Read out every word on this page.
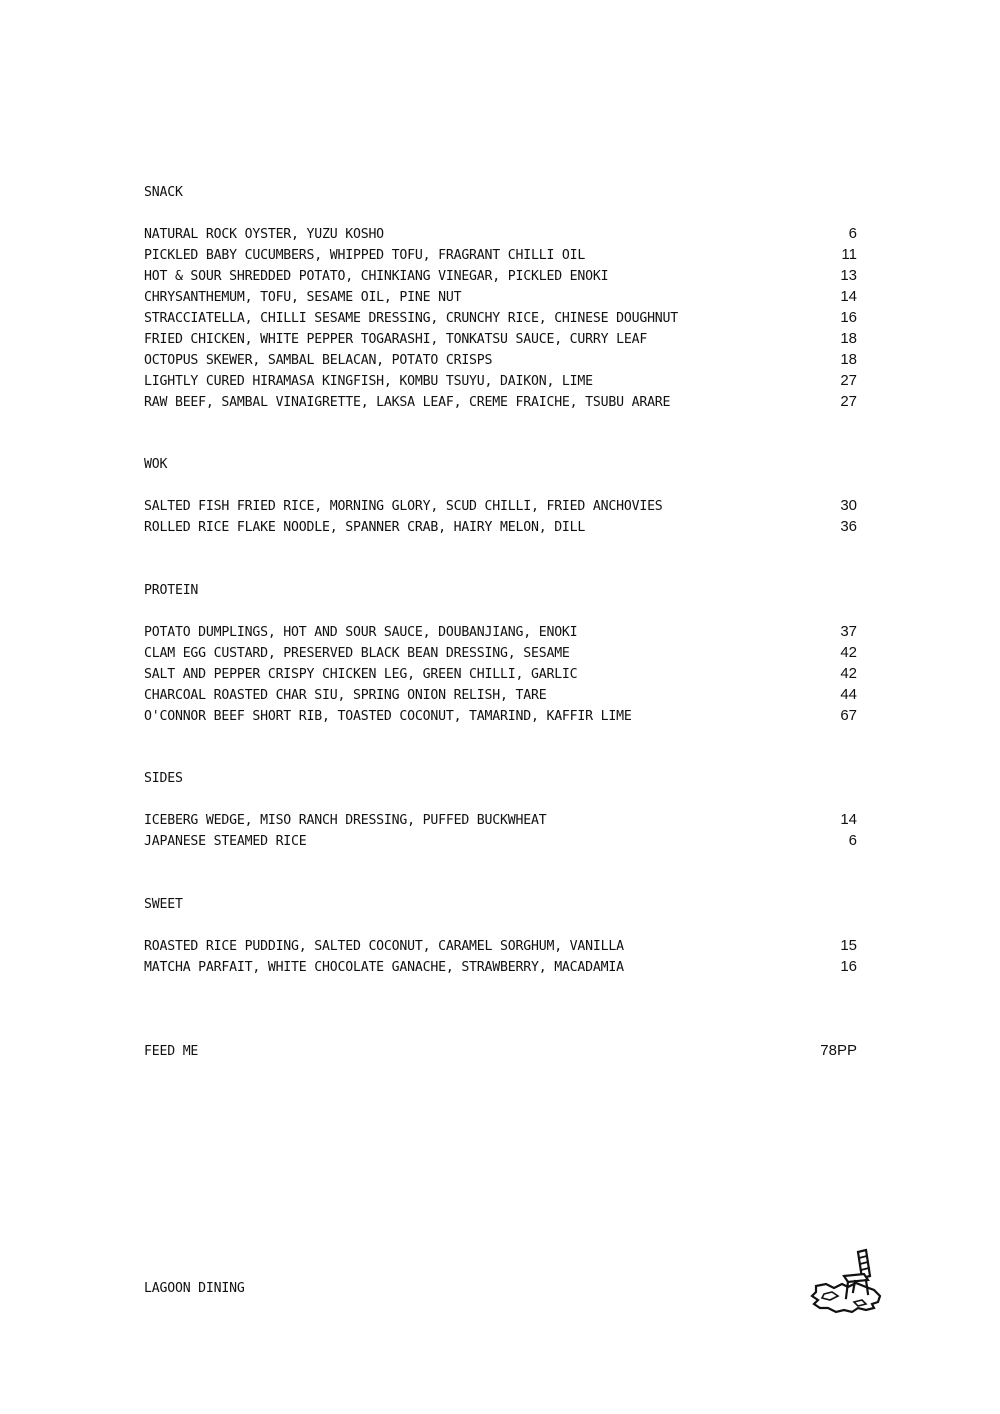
SNACK
NATURAL ROCK OYSTER, YUZU KOSHO	6
PICKLED BABY CUCUMBERS, WHIPPED TOFU, FRAGRANT CHILLI OIL	11
HOT & SOUR SHREDDED POTATO, CHINKIANG VINEGAR, PICKLED ENOKI	13
CHRYSANTHEMUM, TOFU, SESAME OIL, PINE NUT	14
STRACCIATELLA, CHILLI SESAME DRESSING, CRUNCHY RICE, CHINESE DOUGHNUT	16
FRIED CHICKEN, WHITE PEPPER TOGARASHI, TONKATSU SAUCE, CURRY LEAF	18
OCTOPUS SKEWER, SAMBAL BELACAN, POTATO CRISPS	18
LIGHTLY CURED HIRAMASA KINGFISH, KOMBU TSUYU, DAIKON, LIME	27
RAW BEEF, SAMBAL VINAIGRETTE, LAKSA LEAF, CREME FRAICHE, TSUBU ARARE	27
WOK
SALTED FISH FRIED RICE, MORNING GLORY, SCUD CHILLI, FRIED ANCHOVIES	30
ROLLED RICE FLAKE NOODLE, SPANNER CRAB, HAIRY MELON, DILL	36
PROTEIN
POTATO DUMPLINGS, HOT AND SOUR SAUCE, DOUBANJIANG, ENOKI	37
CLAM EGG CUSTARD, PRESERVED BLACK BEAN DRESSING, SESAME	42
SALT AND PEPPER CRISPY CHICKEN LEG, GREEN CHILLI, GARLIC	42
CHARCOAL ROASTED CHAR SIU, SPRING ONION RELISH, TARE	44
O'CONNOR BEEF SHORT RIB, TOASTED COCONUT, TAMARIND, KAFFIR LIME	67
SIDES
ICEBERG WEDGE, MISO RANCH DRESSING, PUFFED BUCKWHEAT	14
JAPANESE STEAMED RICE	6
SWEET
ROASTED RICE PUDDING, SALTED COCONUT, CARAMEL SORGHUM, VANILLA	15
MATCHA PARFAIT, WHITE CHOCOLATE GANACHE, STRAWBERRY, MACADAMIA	16
FEED ME	78PP
LAGOON DINING
